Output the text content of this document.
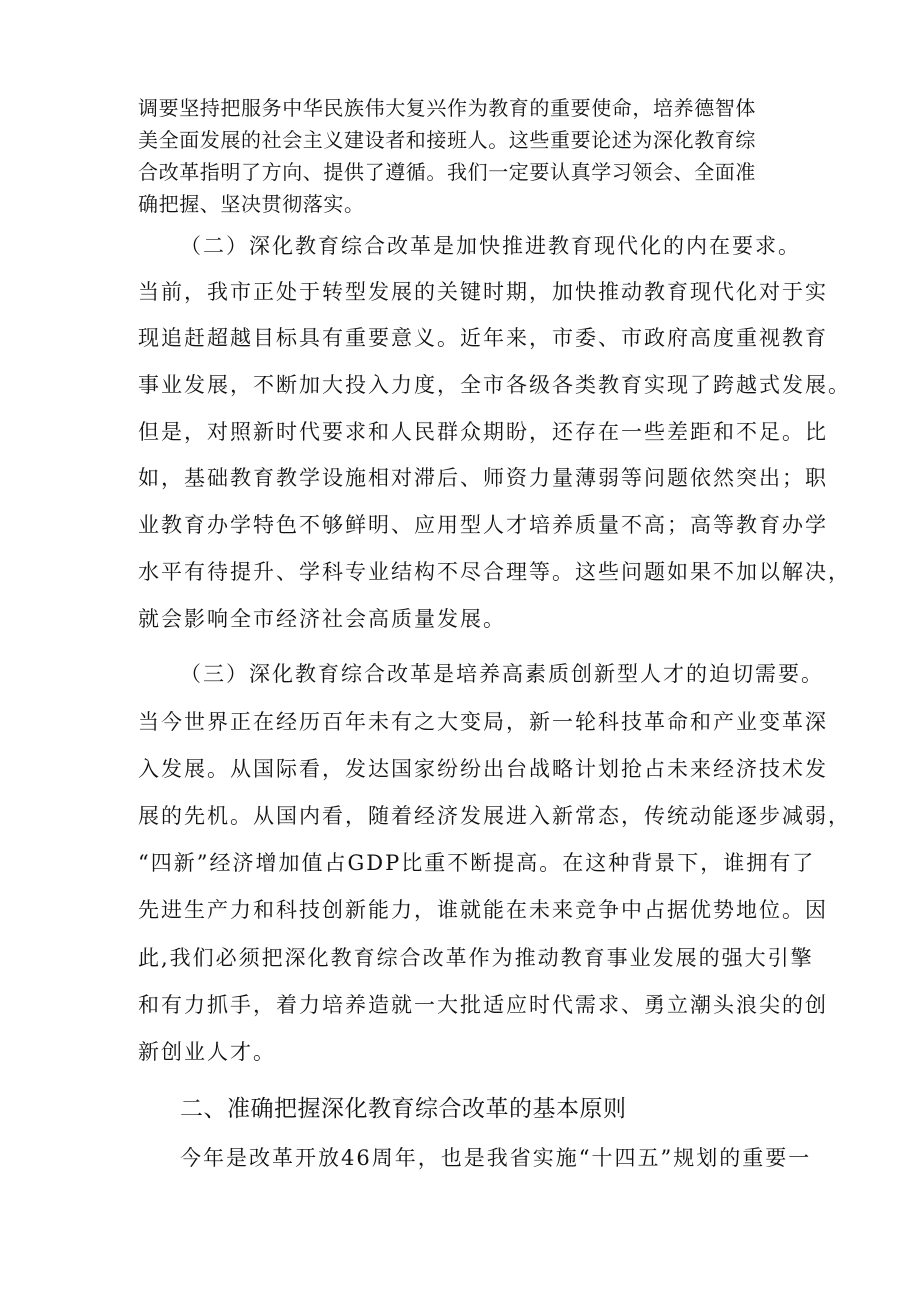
调要坚持把服务中华民族伟大复兴作为教育的重要使命，培养德智体
美全面发展的社会主义建设者和接班人。这些重要论述为深化教育综
合改革指明了方向、提供了遵循。我们一定要认真学习领会、全面准
确把握、坚决贯彻落实。
（二）深化教育综合改革是加快推进教育现代化的内在要求。
当前，我市正处于转型发展的关键时期，加快推动教育现代化对于实
现追赶超越目标具有重要意义。近年来，市委、市政府高度重视教育
事业发展，不断加大投入力度，全市各级各类教育实现了跨越式发展。
但是，对照新时代要求和人民群众期盼，还存在一些差距和不足。比
如，基础教育教学设施相对滞后、师资力量薄弱等问题依然突出；职
业教育办学特色不够鲜明、应用型人才培养质量不高；高等教育办学
水平有待提升、学科专业结构不尽合理等。这些问题如果不加以解决，
就会影响全市经济社会高质量发展。
（三）深化教育综合改革是培养高素质创新型人才的迫切需要。
当今世界正在经历百年未有之大变局，新一轮科技革命和产业变革深
入发展。从国际看，发达国家纷纷出台战略计划抢占未来经济技术发
展的先机。从国内看，随着经济发展进入新常态，传统动能逐步减弱，
“四新”经济增加值占GDP比重不断提高。在这种背景下，谁拥有了
先进生产力和科技创新能力，谁就能在未来竞争中占据优势地位。因
此,我们必须把深化教育综合改革作为推动教育事业发展的强大引擎
和有力抓手，着力培养造就一大批适应时代需求、勇立潮头浪尖的创
新创业人才。
二、准确把握深化教育综合改革的基本原则
今年是改革开放46周年，也是我省实施“十四五”规划的重要一
